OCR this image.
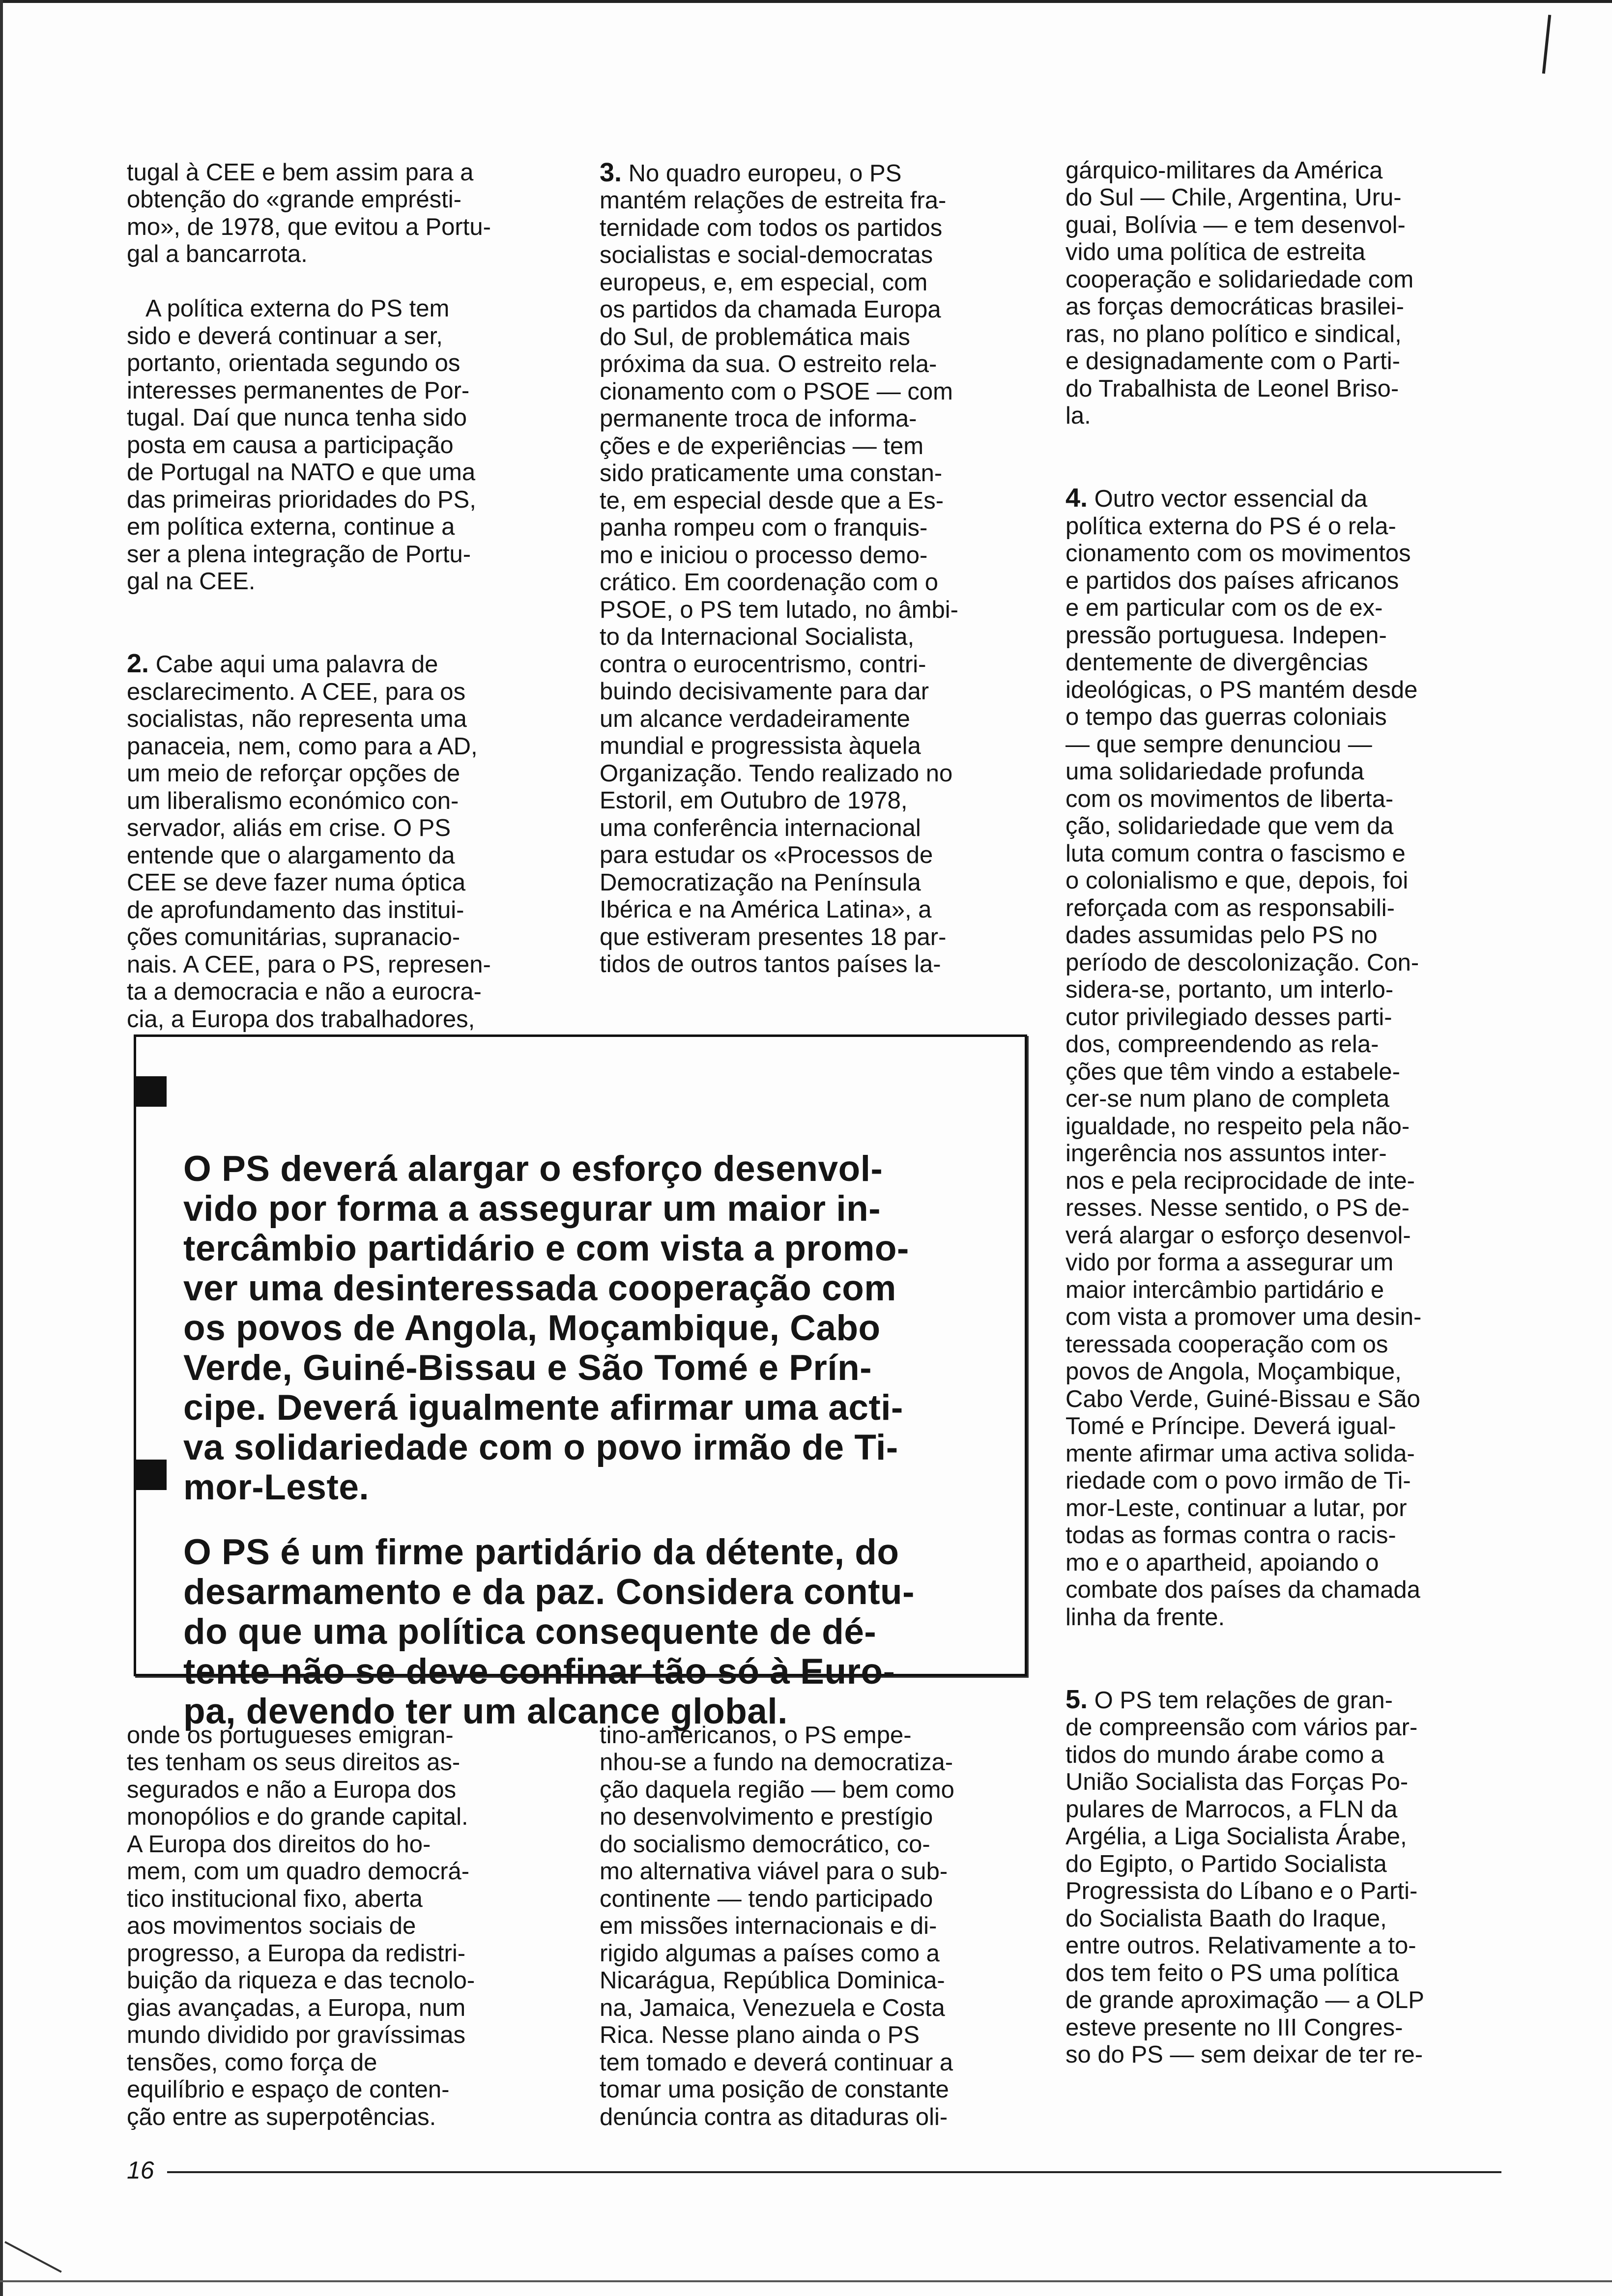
tugal à CEE e bem assim para a
obtenção do «grande emprésti-
mo», de 1978, que evitou a Portu-
gal a bancarrota.

A política externa do PS tem
sido e deverá continuar a ser,
portanto, orientada segundo os
interesses permanentes de Por-
tugal. Daí que nunca tenha sido
posta em causa a participação
de Portugal na NATO e que uma
das primeiras prioridades do PS,
em política externa, continue a
ser a plena integração de Portu-
gal na CEE.

2. Cabe aqui uma palavra de
esclarecimento. A CEE, para os
socialistas, não representa uma
panaceia, nem, como para a AD,
um meio de reforçar opções de
um liberalismo económico con-
servador, aliás em crise. O PS
entende que o alargamento da
CEE se deve fazer numa óptica
de aprofundamento das institui-
ções comunitárias, supranacio-
nais. A CEE, para o PS, represen-
ta a democracia e não a eurocra-
cia, a Europa dos trabalhadores,

3. No quadro europeu, o PS
mantém relações de estreita fra-
ternidade com todos os partidos
socialistas e social-democratas
europeus, e, em especial, com
os partidos da chamada Europa
do Sul, de problemática mais
próxima da sua. O estreito rela-
cionamento com o PSOE — com
permanente troca de informa-
ções e de experiências — tem
sido praticamente uma constan-
te, em especial desde que a Es-
panha rompeu com o franquis-
mo e iniciou o processo demo-
crático. Em coordenação com o
PSOE, o PS tem lutado, no âmbi-
to da Internacional Socialista,
contra o eurocentrismo, contri-
buindo decisivamente para dar
um alcance verdadeiramente
mundial e progressista àquela
Organização. Tendo realizado no
Estoril, em Outubro de 1978,
uma conferência internacional
para estudar os «Processos de
Democratização na Península
Ibérica e na América Latina», a
que estiveram presentes 18 par-
tidos de outros tantos países la-

gárquico-militares da América
do Sul — Chile, Argentina, Uru-
guai, Bolívia — e tem desenvol-
vido uma política de estreita
cooperação e solidariedade com
as forças democráticas brasilei-
ras, no plano político e sindical,
e designadamente com o Parti-
do Trabalhista de Leonel Briso-
la.

4. Outro vector essencial da
política externa do PS é o rela-
cionamento com os movimentos
e partidos dos países africanos
e em particular com os de ex-
pressão portuguesa. Indepen-
dentemente de divergências
ideológicas, o PS mantém desde
o tempo das guerras coloniais
— que sempre denunciou —
uma solidariedade profunda
com os movimentos de liberta-
ção, solidariedade que vem da
luta comum contra o fascismo e
o colonialismo e que, depois, foi
reforçada com as responsabili-
dades assumidas pelo PS no
período de descolonização. Con-
sidera-se, portanto, um interlo-
cutor privilegiado desses parti-
dos, compreendendo as rela-
ções que têm vindo a estabele-
cer-se num plano de completa
igualdade, no respeito pela não-
ingerência nos assuntos inter-
nos e pela reciprocidade de inte-
resses. Nesse sentido, o PS de-
verá alargar o esforço desenvol-
vido por forma a assegurar um
maior intercâmbio partidário e
com vista a promover uma desin-
teressada cooperação com os
povos de Angola, Moçambique,
Cabo Verde, Guiné-Bissau e São
Tomé e Príncipe. Deverá igual-
mente afirmar uma activa solida-
riedade com o povo irmão de Ti-
mor-Leste, continuar a lutar, por
todas as formas contra o racis-
mo e o apartheid, apoiando o
combate dos países da chamada
linha da frente.

5. O PS tem relações de gran-
de compreensão com vários par-
tidos do mundo árabe como a
União Socialista das Forças Po-
pulares de Marrocos, a FLN da
Argélia, a Liga Socialista Árabe,
do Egipto, o Partido Socialista
Progressista do Líbano e o Parti-
do Socialista Baath do Iraque,
entre outros. Relativamente a to-
dos tem feito o PS uma política
de grande aproximação — a OLP
esteve presente no III Congres-
so do PS — sem deixar de ter re-

O PS deverá alargar o esforço desenvol-
vido por forma a assegurar um maior in-
tercâmbio partidário e com vista a promo-
ver uma desinteressada cooperação com
os povos de Angola, Moçambique, Cabo
Verde, Guiné-Bissau e São Tomé e Prín-
cipe. Deverá igualmente afirmar uma acti-
va solidariedade com o povo irmão de Ti-
mor-Leste.

O PS é um firme partidário da détente, do
desarmamento e da paz. Considera contu-
do que uma política consequente de dé-
tente não se deve confinar tão só à Euro-
pa, devendo ter um alcance global.

onde os portugueses emigran-
tes tenham os seus direitos as-
segurados e não a Europa dos
monopólios e do grande capital.
A Europa dos direitos do ho-
mem, com um quadro democrá-
tico institucional fixo, aberta
aos movimentos sociais de
progresso, a Europa da redistri-
buição da riqueza e das tecnolo-
gias avançadas, a Europa, num
mundo dividido por gravíssimas
tensões, como força de
equilíbrio e espaço de conten-
ção entre as superpotências.

tino-americanos, o PS empe-
nhou-se a fundo na democratiza-
ção daquela região — bem como
no desenvolvimento e prestígio
do socialismo democrático, co-
mo alternativa viável para o sub-
continente — tendo participado
em missões internacionais e di-
rigido algumas a países como a
Nicarágua, República Dominica-
na, Jamaica, Venezuela e Costa
Rica. Nesse plano ainda o PS
tem tomado e deverá continuar a
tomar uma posição de constante
denúncia contra as ditaduras oli-

16
